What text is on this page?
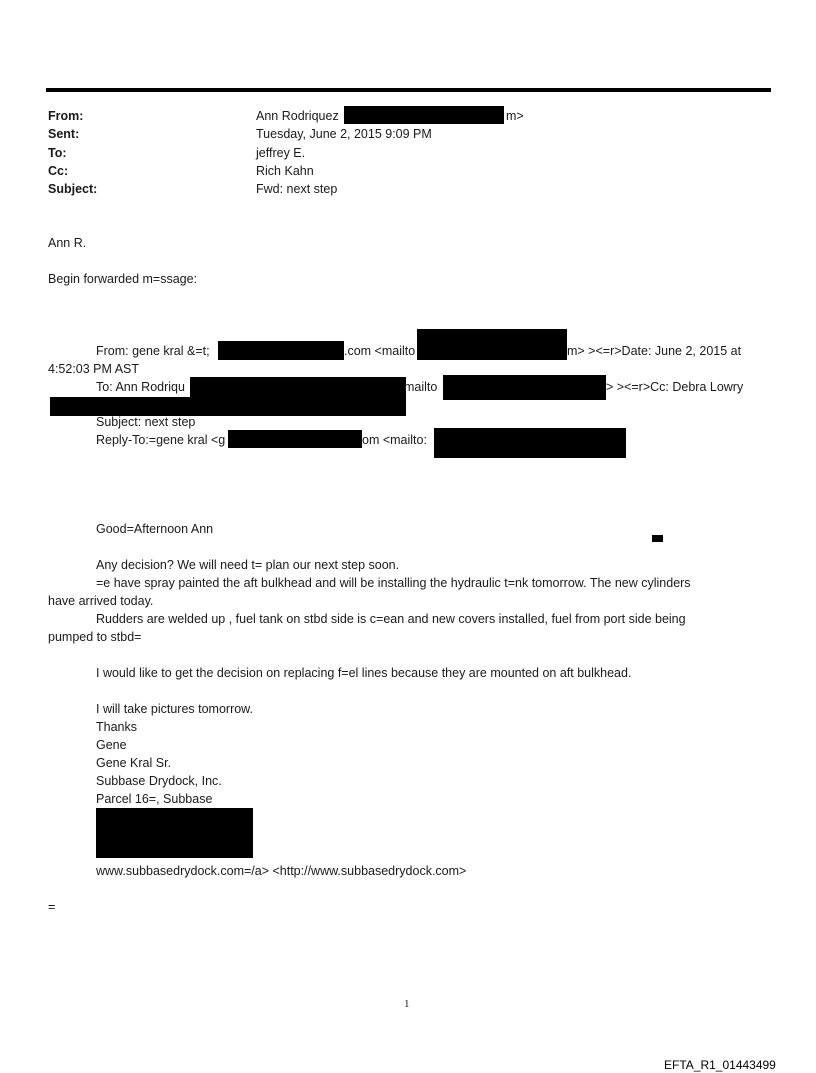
From:	Ann Rodriquez	m>
Sent:	Tuesday, June 2, 2015 9:09 PM
To:	jeffrey E.
Cc:	Rich Kahn
Subject:	Fwd: next step
Ann R.
Begin forwarded m=ssage:
From: gene kral &=t;	.com <mailto	m> ><=r>Date: June 2, 2015 at
4:52:03 PM AST
To: Ann Rodriqu	mailto	> ><=r>Cc: Debra Lowry
Subject: next step
Reply-To:=gene kral <g	om <mailto:
Good=Afternoon Ann
Any decision? We will need t= plan our next step soon.
=e have spray painted the aft bulkhead and will be installing the hydraulic t=nk tomorrow. The new cylinders
have arrived today.
Rudders are welded up , fuel tank on stbd side is c=ean and new covers installed, fuel from port side being
pumped to stbd=
I would like to get the decision on replacing f=el lines because they are mounted on aft bulkhead.
I will take pictures tomorrow.
Thanks
Gene
Gene Kral Sr.
Subbase Drydock, Inc.
Parcel 16=, Subbase
www.subbasedrydock.com=/a> <http://www.subbasedrydock.com>
=
1
EFTA_R1_01443499
